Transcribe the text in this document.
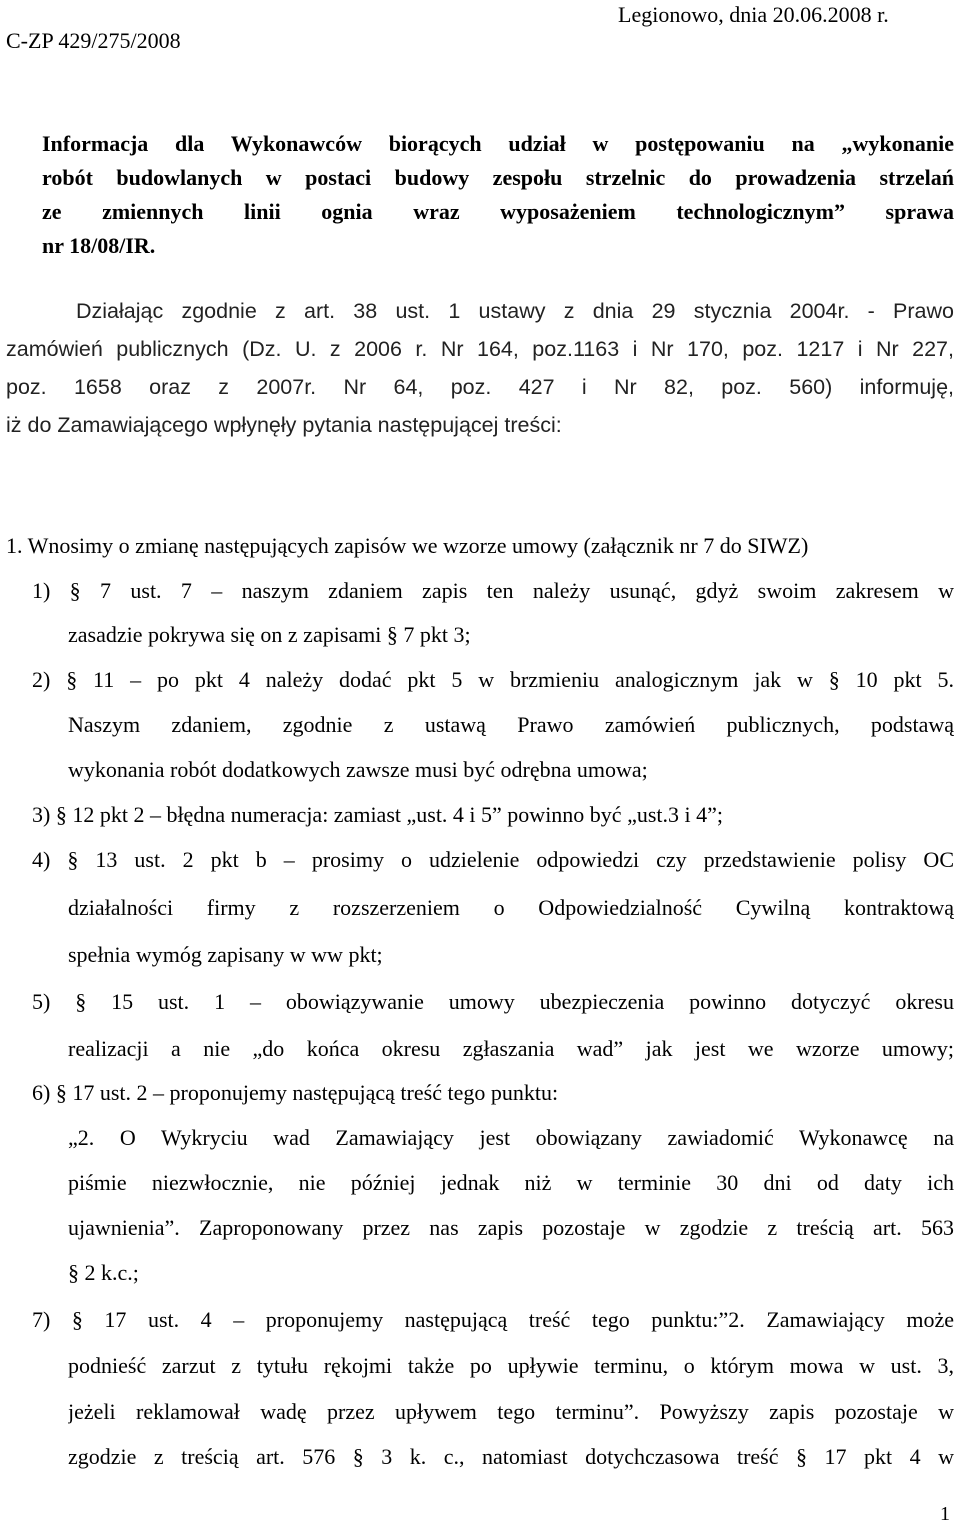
C-ZP 429/275/2008
Legionowo, dnia 20.06.2008 r.
Informacja dla Wykonawców biorących udział w postępowaniu na „wykonanie
robót budowlanych w postaci budowy zespołu strzelnic do prowadzenia strzelań
ze zmiennych linii ognia wraz wyposażeniem technologicznym” sprawa
nr 18/08/IR.
Działając zgodnie z art. 38 ust. 1 ustawy z dnia 29 stycznia 2004r. - Prawo
zamówień publicznych (Dz. U. z 2006 r. Nr 164, poz.1163 i Nr 170, poz. 1217 i Nr 227,
poz. 1658 oraz z 2007r. Nr 64, poz. 427 i Nr 82, poz. 560) informuję,
iż do Zamawiającego wpłynęły pytania następującej treści:
1. Wnosimy o zmianę następujących zapisów we wzorze umowy (załącznik nr 7 do SIWZ)
1) § 7 ust. 7 – naszym zdaniem zapis ten należy usunąć, gdyż swoim zakresem w
zasadzie pokrywa się on z zapisami § 7 pkt 3;
2) § 11 – po pkt 4 należy dodać pkt 5 w brzmieniu analogicznym jak w § 10 pkt 5.
Naszym zdaniem, zgodnie z ustawą Prawo zamówień publicznych, podstawą
wykonania robót dodatkowych zawsze musi być odrębna umowa;
3) § 12 pkt 2 – błędna numeracja: zamiast „ust. 4 i 5” powinno być „ust.3 i 4”;
4) § 13 ust. 2 pkt b – prosimy o udzielenie odpowiedzi czy przedstawienie polisy OC
działalności firmy z rozszerzeniem o Odpowiedzialność Cywilną kontraktową
spełnia wymóg zapisany w ww pkt;
5) § 15 ust. 1 – obowiązywanie umowy ubezpieczenia powinno dotyczyć okresu
realizacji a nie „do końca okresu zgłaszania wad” jak jest we wzorze umowy;
6) § 17 ust. 2 – proponujemy następującą treść tego punktu:
„2. O Wykryciu wad Zamawiający jest obowiązany zawiadomić Wykonawcę na
piśmie niezwłocznie, nie później jednak niż w terminie 30 dni od daty ich
ujawnienia”. Zaproponowany przez nas zapis pozostaje w zgodzie z treścią art. 563
§ 2 k.c.;
7) § 17 ust. 4 – proponujemy następującą treść tego punktu:”2. Zamawiający może
podnieść zarzut z tytułu rękojmi także po upływie terminu, o którym mowa w ust. 3,
jeżeli reklamował wadę przez upływem tego terminu”. Powyższy zapis pozostaje w
zgodzie z treścią art. 576 § 3 k. c., natomiast dotychczasowa treść § 17 pkt 4 w
1
